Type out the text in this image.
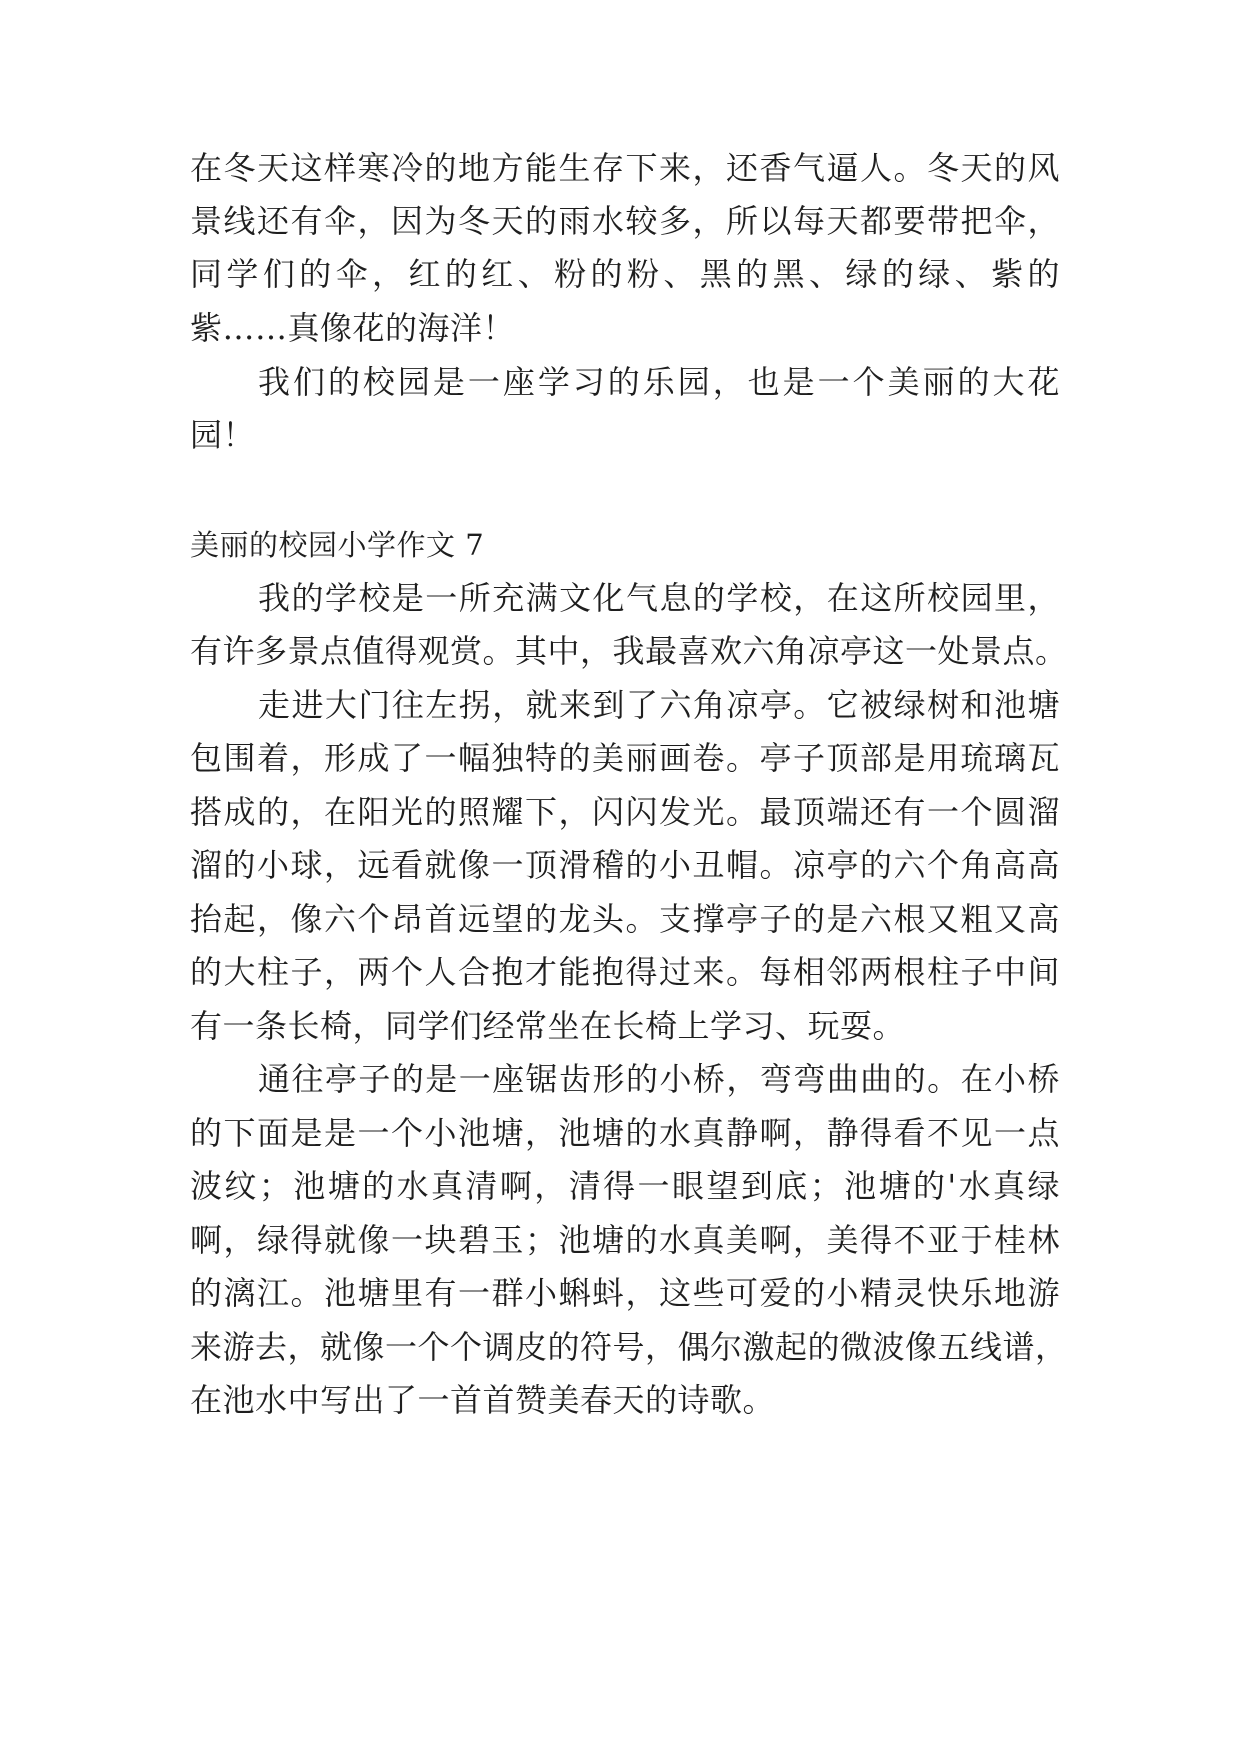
在冬天这样寒冷的地方能生存下来，还香气逼人。冬天的风
景线还有伞，因为冬天的雨水较多，所以每天都要带把伞，
同学们的伞，红的红、粉的粉、黑的黑、绿的绿、紫的
紫……真像花的海洋！
我们的校园是一座学习的乐园，也是一个美丽的大花
园！
美丽的校园小学作文 7
我的学校是一所充满文化气息的学校，在这所校园里，
有许多景点值得观赏。其中，我最喜欢六角凉亭这一处景点。
走进大门往左拐，就来到了六角凉亭。它被绿树和池塘
包围着，形成了一幅独特的美丽画卷。亭子顶部是用琉璃瓦
搭成的，在阳光的照耀下，闪闪发光。最顶端还有一个圆溜
溜的小球，远看就像一顶滑稽的小丑帽。凉亭的六个角高高
抬起，像六个昂首远望的龙头。支撑亭子的是六根又粗又高
的大柱子，两个人合抱才能抱得过来。每相邻两根柱子中间
有一条长椅，同学们经常坐在长椅上学习、玩耍。
通往亭子的是一座锯齿形的小桥，弯弯曲曲的。在小桥
的下面是是一个小池塘，池塘的水真静啊，静得看不见一点
波纹；池塘的水真清啊，清得一眼望到底；池塘的'水真绿
啊，绿得就像一块碧玉；池塘的水真美啊，美得不亚于桂林
的漓江。池塘里有一群小蝌蚪，这些可爱的小精灵快乐地游
来游去，就像一个个调皮的符号，偶尔激起的微波像五线谱，
在池水中写出了一首首赞美春天的诗歌。
